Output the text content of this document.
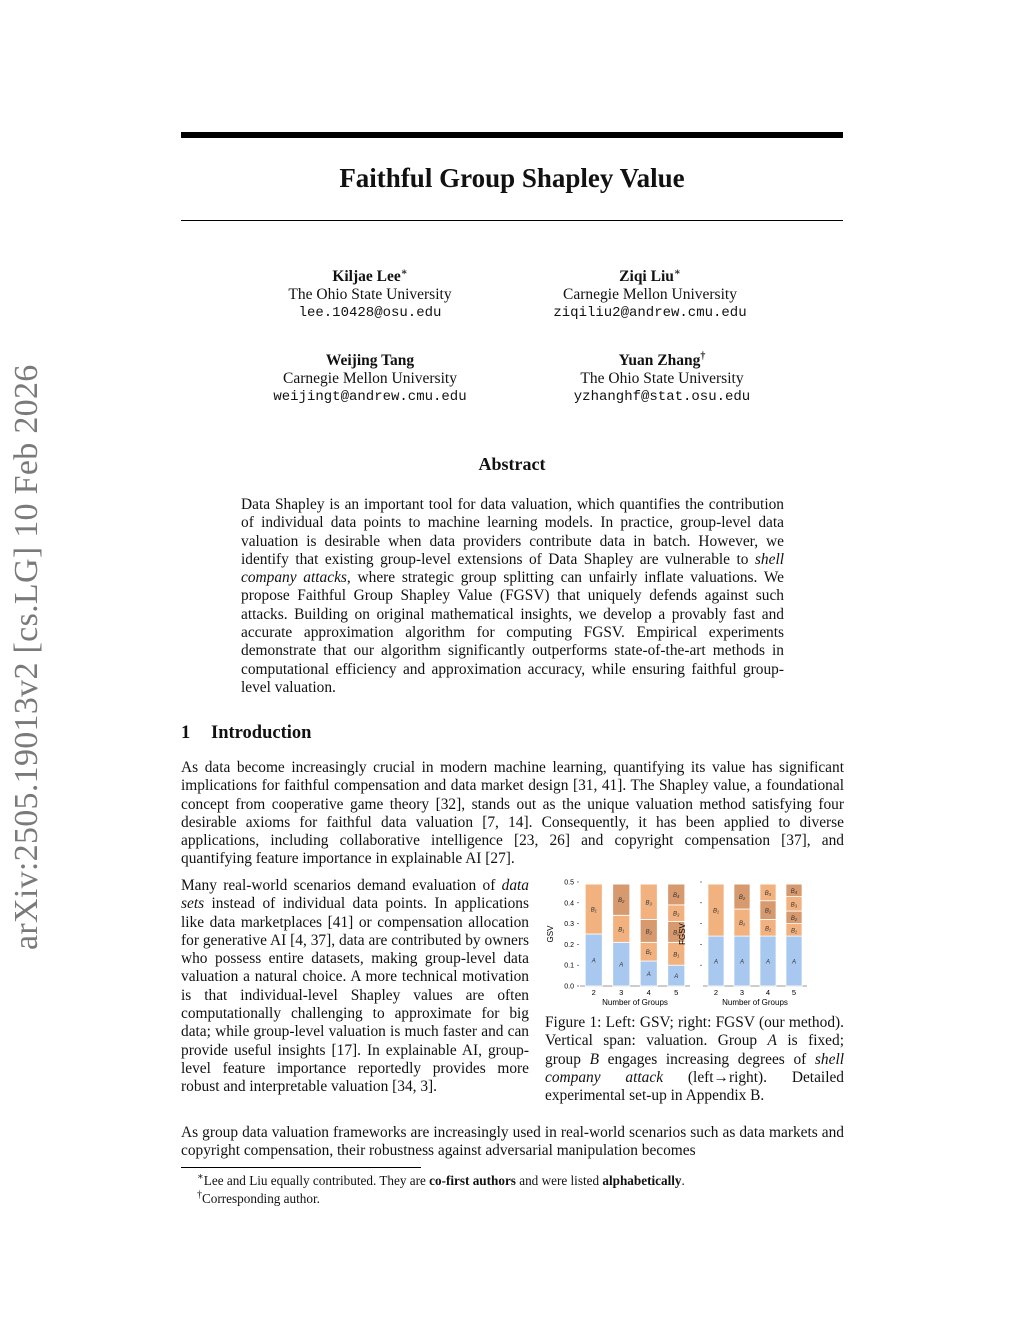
arXiv:2505.19013v2 [cs.LG] 10 Feb 2026
Faithful Group Shapley Value
Kiljae Lee∗
The Ohio State University
lee.10428@osu.edu
Ziqi Liu∗
Carnegie Mellon University
ziqiliu2@andrew.cmu.edu
Weijing Tang
Carnegie Mellon University
weijingt@andrew.cmu.edu
Yuan Zhang†
The Ohio State University
yzhanghf@stat.osu.edu
Abstract

Data Shapley is an important tool for data valuation, which quantifies the contribution of individual data points to machine learning models. In practice, group-level data valuation is desirable when data providers contribute data in batch. However, we identify that existing group-level extensions of Data Shapley are vulnerable to shell company attacks, where strategic group splitting can unfairly inflate valuations. We propose Faithful Group Shapley Value (FGSV) that uniquely defends against such attacks. Building on original mathematical insights, we develop a provably fast and accurate approximation algorithm for computing FGSV. Empirical experiments demonstrate that our algorithm significantly outperforms state-of-the-art methods in computational efficiency and approximation accuracy, while ensuring faithful group-level valuation.

1 Introduction

As data become increasingly crucial in modern machine learning, quantifying its value has significant implications for faithful compensation and data market design [31, 41]. The Shapley value, a foundational concept from cooperative game theory [32], stands out as the unique valuation method satisfying four desirable axioms for faithful data valuation [7, 14]. Consequently, it has been applied to diverse applications, including collaborative intelligence [23, 26] and copyright compensation [37], and quantifying feature importance in explainable AI [27].

Many real-world scenarios demand evaluation of data sets instead of individual data points. In applications like data marketplaces [41] or compensation allocation for generative AI [4, 37], data are contributed by owners who possess entire datasets, making group-level data valuation a natural choice. A more technical motivation is that individual-level Shapley values are often computationally challenging to approximate for big data; while group-level valuation is much faster and can provide useful insights [17]. In explainable AI, group-level feature importance reportedly provides more robust and interpretable valuation [34, 3].

GSV
0.0
0.1
0.2
0.3
0.4
0.5
A
B₁
2
A
B₁
B₂
3
A
B₁
B₂
B₃
4
A
B₁
B₂
B₃
B₄
5
Number of Groups
FGSV
A
B₁
2
A
B₁
B₂
3
A
B₁
B₂
B₃
4
A
B₁
B₂
B₃
B₄
5
Number of Groups
Figure 1: Left: GSV; right: FGSV (our method). Vertical span: valuation. Group A is fixed; group B engages increasing degrees of shell company attack (left→right). Detailed experimental set-up in Appendix B.

As group data valuation frameworks are increasingly used in real-world scenarios such as data markets and copyright compensation, their robustness against adversarial manipulation becomes

∗Lee and Liu equally contributed. They are co-first authors and were listed alphabetically.
†Corresponding author.
